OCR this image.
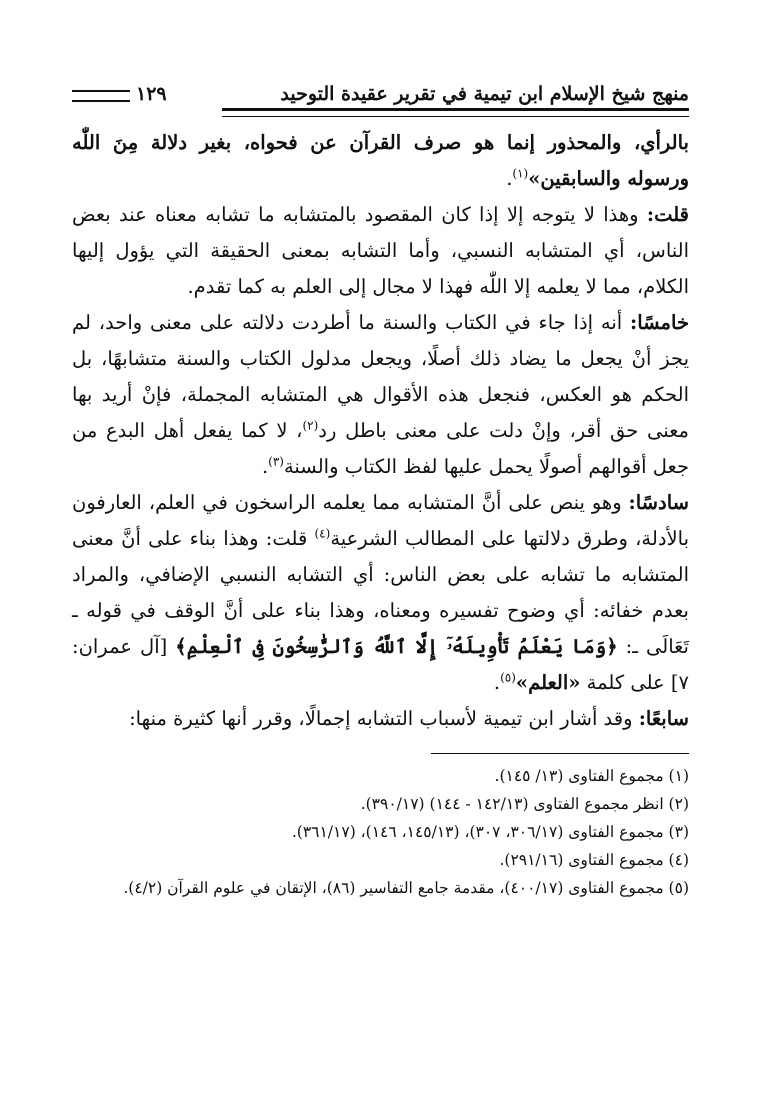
منهج شيخ الإسلام ابن تيمية في تقرير عقيدة التوحيد
١٢٩

بالرأي، والمحذور إنما هو صرف القرآن عن فحواه، بغير دلالة مِنَ اللّٰه ورسوله والسابقين»$^{(١)}$.

قلت: وهذا لا يتوجه إلا إذا كان المقصود بالمتشابه ما تشابه معناه عند بعض الناس، أي المتشابه النسبي، وأما التشابه بمعنى الحقيقة التي يؤول إليها الكلام، مما لا يعلمه إلا اللّٰه فهذا لا مجال إلى العلم به كما تقدم.

خامسًا: أنه إذا جاء في الكتاب والسنة ما أطردت دلالته على معنى واحد، لم يجز أنْ يجعل ما يضاد ذلك أصلًا، ويجعل مدلول الكتاب والسنة متشابهًا، بل الحكم هو العكس، فنجعل هذه الأقوال هي المتشابه المجملة، فإنْ أريد بها معنى حق أقر، وإنْ دلت على معنى باطل رد$^{(٢)}$، لا كما يفعل أهل البدع من جعل أقوالهم أصولًا يحمل عليها لفظ الكتاب والسنة$^{(٣)}$.

سادسًا: وهو ينص على أنَّ المتشابه مما يعلمه الراسخون في العلم، العارفون بالأدلة، وطرق دلالتها على المطالب الشرعية$^{(٤)}$ قلت: وهذا بناء على أنَّ معنى المتشابه ما تشابه على بعض الناس: أي التشابه النسبي الإضافي، والمراد بعدم خفائه: أي وضوح تفسيره ومعناه، وهذا بناء على أنَّ الوقف في قوله ـ تَعَالَى ـ: ﴿وَمَا يَعْلَمُ تَأْوِيلَهُۥٓ إِلَّا ٱللَّهُ وَٱلرَّٰسِخُونَ فِى ٱلْعِلْمِ﴾ [آل عمران: ٧] على كلمة «العلم»$^{(٥)}$.

سابعًا: وقد أشار ابن تيمية لأسباب التشابه إجمالًا، وقرر أنها كثيرة منها:

(١) مجموع الفتاوى (١٣/ ١٤٥).
(٢) انظر مجموع الفتاوى (١٤٢/١٣ - ١٤٤) (٣٩٠/١٧).
(٣) مجموع الفتاوى (٣٠٦/١٧، ٣٠٧)، (١٤٥/١٣، ١٤٦)، (٣٦١/١٧).
(٤) مجموع الفتاوى (٢٩١/١٦).
(٥) مجموع الفتاوى (٤٠٠/١٧)، مقدمة جامع التفاسير (٨٦)، الإتقان في علوم القرآن (٤/٢).
